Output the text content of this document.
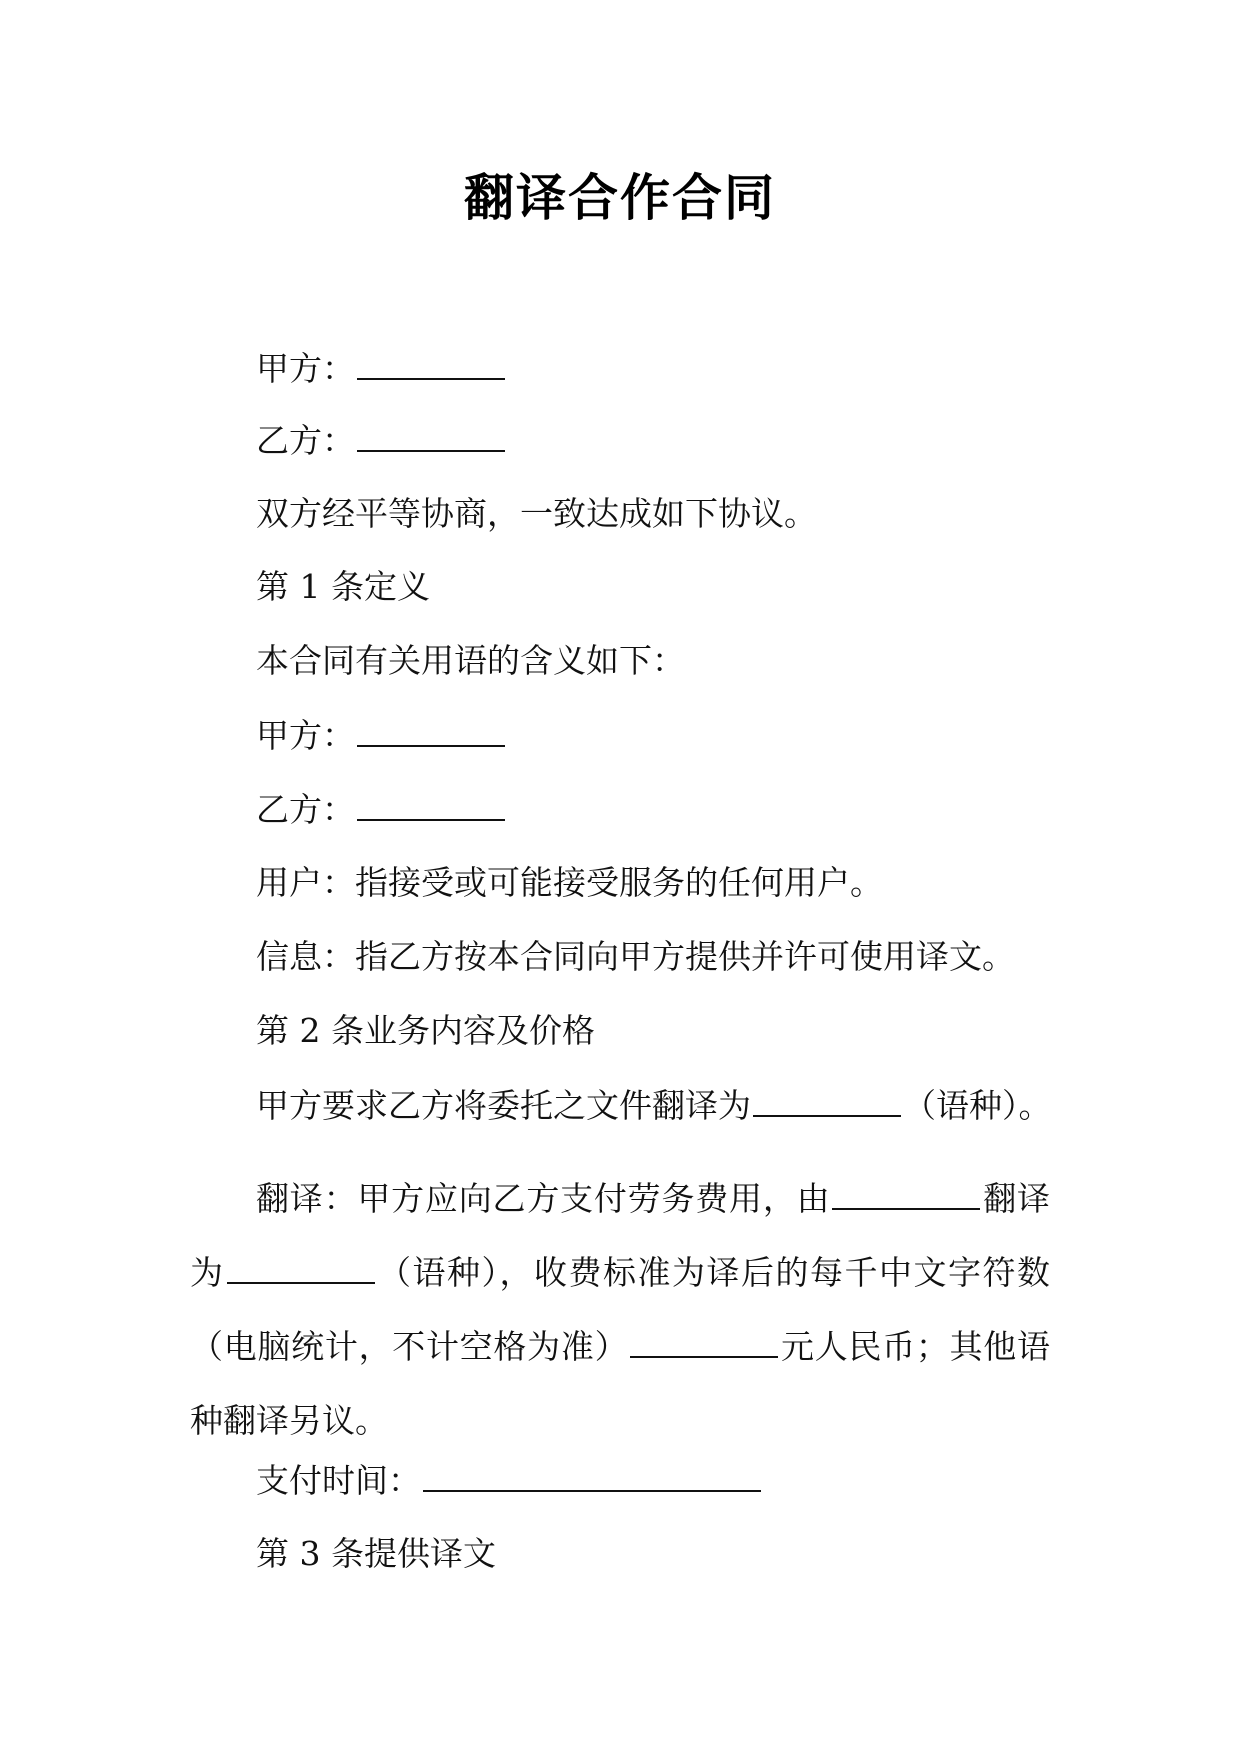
翻译合作合同
甲方：
乙方：
双方经平等协商，一致达成如下协议。
第 1 条定义
本合同有关用语的含义如下：
甲方：
乙方：
用户：指接受或可能接受服务的任何用户。
信息：指乙方按本合同向甲方提供并许可使用译文。
第 2 条业务内容及价格
甲方要求乙方将委托之文件翻译为	（语种）。
翻译：甲方应向乙方支付劳务费用，由	翻译为	（语种），收费标准为译后的每千中文字符数（电脑统计，不计空格为准）	元人民币；其他语种翻译另议。
支付时间：
第 3 条提供译文
